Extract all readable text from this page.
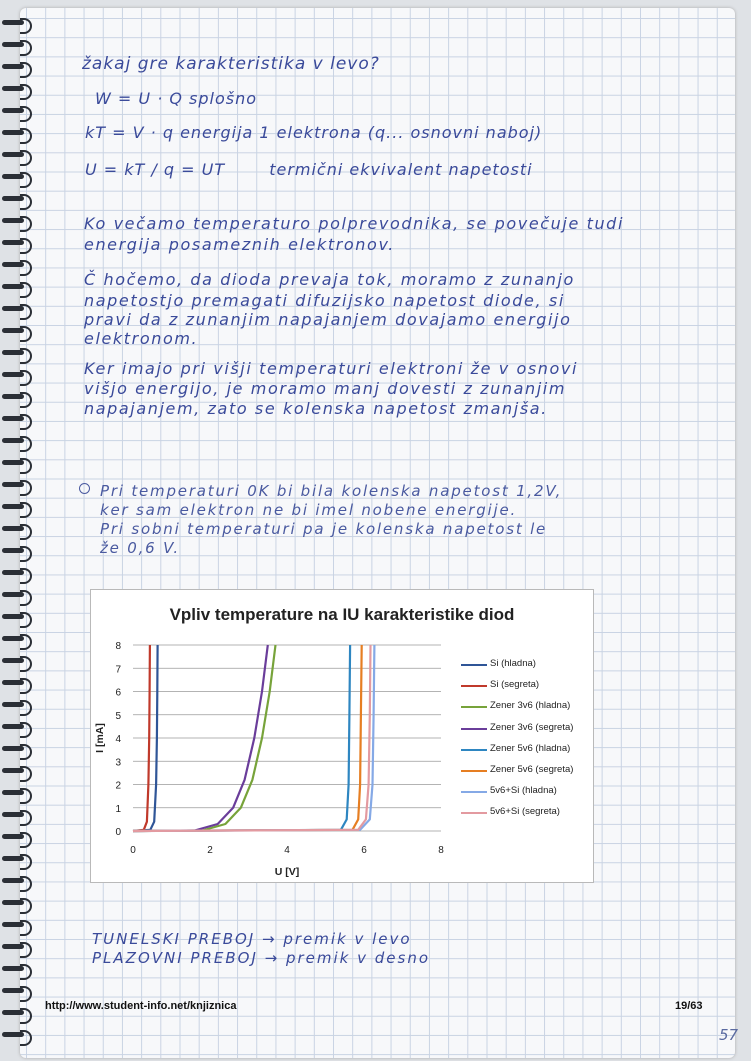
žakaj gre karakteristika v levo?
W = U · Q splošno
kT = V · q energija 1 elektrona (q... osnovni naboj)
U = kT / q = UT	termični ekvivalent napetosti
Ko večamo temperaturo polprevodnika, se povečuje tudi
energija posameznih elektronov.
Č hočemo, da dioda prevaja tok, moramo z zunanjo
napetostjo premagati difuzijsko napetost diode, si
pravi da z zunanjim napajanjem dovajamo energijo
elektronom.
Ker imajo pri višji temperaturi elektroni že v osnovi
višjo energijo, je moramo manj dovesti z zunanjim
napajanjem, zato se kolenska napetost zmanjša.
Pri temperaturi 0K bi bila kolenska napetost 1,2V,
ker sam elektron ne bi imel nobene energije.
Pri sobni temperaturi pa je kolenska napetost le
že 0,6 V.
Vpliv temperature na IU karakteristike diod
0
1
2
3
4
5
6
7
8
0	2	4	6	8
U [V]
I [mA]
Si (hladna)
Si (segreta)
Zener 3v6 (hladna)
Zener 3v6 (segreta)
Zener 5v6 (hladna)
Zener 5v6 (segreta)
5v6+Si (hladna)
5v6+Si (segreta)
TUNELSKI PREBOJ → premik v levo
PLAZOVNI PREBOJ → premik v desno
http://www.student-info.net/knjiznica	19/63
57
